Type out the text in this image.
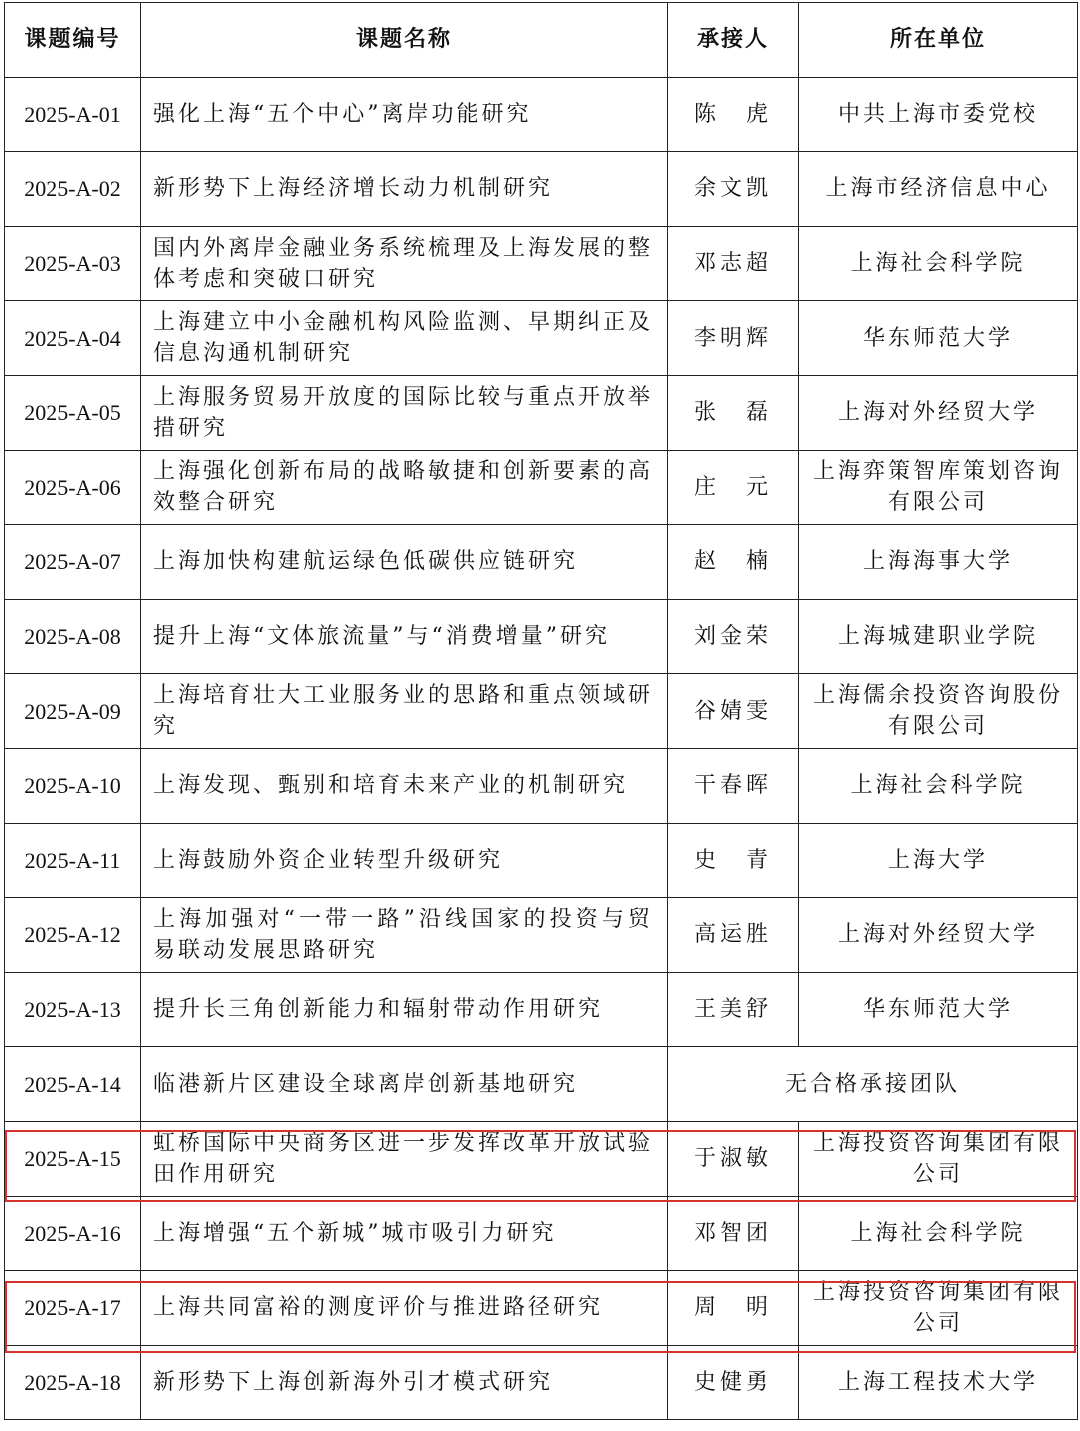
课题编号	课题名称	承接人	所在单位
2025-A-01	强化上海“五个中心”离岸功能研究	陈　虎	中共上海市委党校
2025-A-02	新形势下上海经济增长动力机制研究	余文凯	上海市经济信息中心
2025-A-03	国内外离岸金融业务系统梳理及上海发展的整体考虑和突破口研究	邓志超	上海社会科学院
2025-A-04	上海建立中小金融机构风险监测、早期纠正及信息沟通机制研究	李明辉	华东师范大学
2025-A-05	上海服务贸易开放度的国际比较与重点开放举措研究	张　磊	上海对外经贸大学
2025-A-06	上海强化创新布局的战略敏捷和创新要素的高效整合研究	庄　元	上海弈策智库策划咨询有限公司
2025-A-07	上海加快构建航运绿色低碳供应链研究	赵　楠	上海海事大学
2025-A-08	提升上海“文体旅流量”与“消费增量”研究	刘金荣	上海城建职业学院
2025-A-09	上海培育壮大工业服务业的思路和重点领域研究	谷婧雯	上海儒余投资咨询股份有限公司
2025-A-10	上海发现、甄别和培育未来产业的机制研究	干春晖	上海社会科学院
2025-A-11	上海鼓励外资企业转型升级研究	史　青	上海大学
2025-A-12	上海加强对“一带一路”沿线国家的投资与贸易联动发展思路研究	高运胜	上海对外经贸大学
2025-A-13	提升长三角创新能力和辐射带动作用研究	王美舒	华东师范大学
2025-A-14	临港新片区建设全球离岸创新基地研究	无合格承接团队	
2025-A-15	虹桥国际中央商务区进一步发挥改革开放试验田作用研究	于淑敏	上海投资咨询集团有限公司
2025-A-16	上海增强“五个新城”城市吸引力研究	邓智团	上海社会科学院
2025-A-17	上海共同富裕的测度评价与推进路径研究	周　明	上海投资咨询集团有限公司
2025-A-18	新形势下上海创新海外引才模式研究	史健勇	上海工程技术大学
